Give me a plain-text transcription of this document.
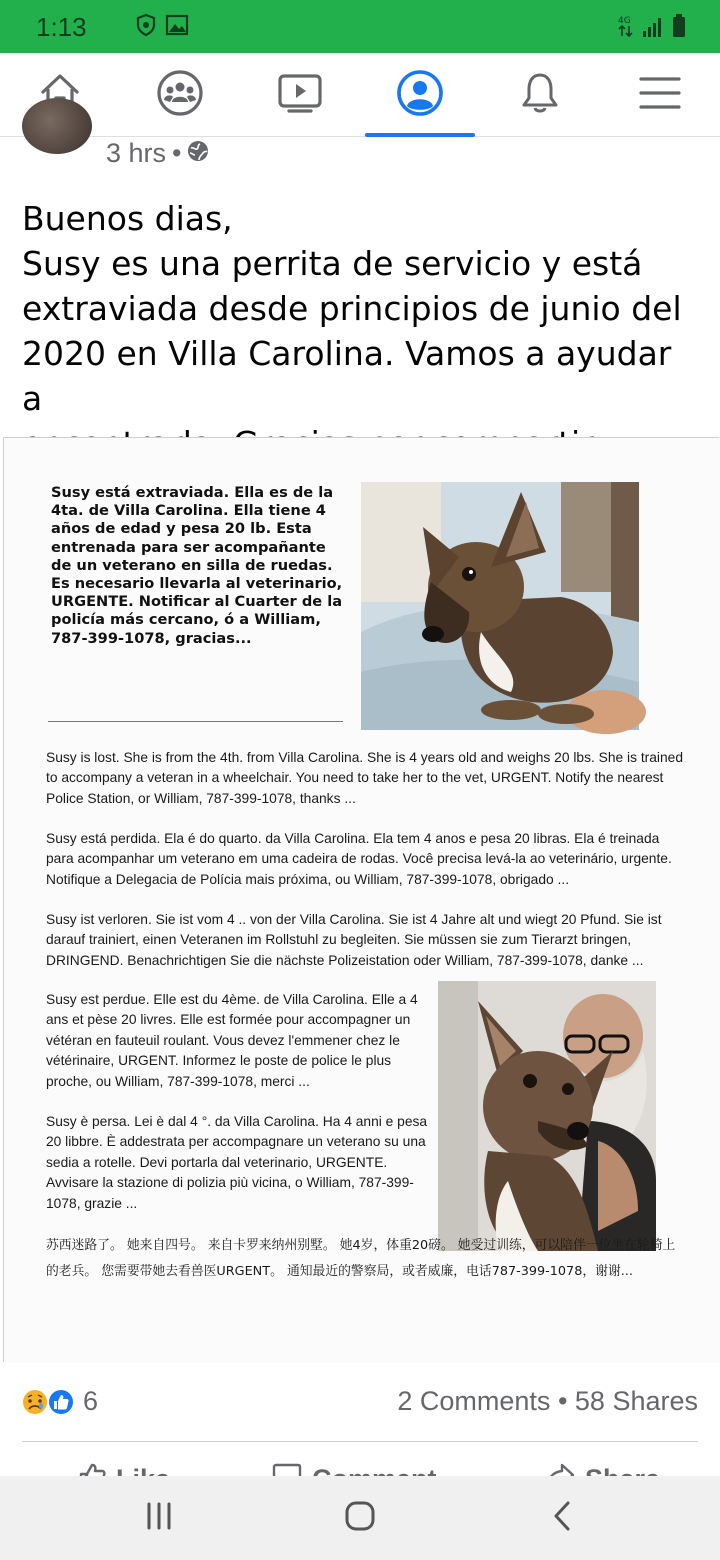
1:13	4G
3 hrs •

Buenos dias,

Susy es una perrita de servicio y está

extraviada desde principios de junio del

2020 en Villa Carolina. Vamos a ayudar a

Susy está extraviada. Ella es de la 4ta. de Villa Carolina. Ella tiene 4 años de edad y pesa 20 lb. Esta entrenada para ser acompañante de un veterano en silla de ruedas. Es necesario llevarla al veterinario, URGENTE. Notificar al Cuarter de la policía más cercano, ó a William, 787-399-1078, gracias...
Susy is lost. She is from the 4th. from Villa Carolina. She is 4 years old and weighs 20 lbs. She is trained to accompany a veteran in a wheelchair. You need to take her to the vet, URGENT. Notify the nearest Police Station, or William, 787-399-1078, thanks ...
Susy está perdida. Ela é do quarto. da Villa Carolina. Ela tem 4 anos e pesa 20 libras. Ela é treinada para acompanhar um veterano em uma cadeira de rodas. Você precisa levá-la ao veterinário, urgente. Notifique a Delegacia de Polícia mais próxima, ou William, 787-399-1078, obrigado ...
Susy ist verloren. Sie ist vom 4 .. von der Villa Carolina. Sie ist 4 Jahre alt und wiegt 20 Pfund. Sie ist darauf trainiert, einen Veteranen im Rollstuhl zu begleiten. Sie müssen sie zum Tierarzt bringen, DRINGEND. Benachrichtigen Sie die nächste Polizeistation oder William, 787-399-1078, danke ...
Susy est perdue. Elle est du 4ème. de Villa Carolina. Elle a 4 ans et pèse 20 livres. Elle est formée pour accompagner un vétéran en fauteuil roulant. Vous devez l'emmener chez le vétérinaire, URGENT. Informez le poste de police le plus proche, ou William, 787-399-1078, merci ...
Susy è persa. Lei è dal 4 °. da Villa Carolina. Ha 4 anni e pesa 20 libbre. È addestrata per accompagnare un veterano su una sedia a rotelle. Devi portarla dal veterinario, URGENTE. Avvisare la stazione di polizia più vicina, o William, 787-399-1078, grazie ...
苏西迷路了。 她来自四号。 来自卡罗来纳州别墅。 她4岁，体重20磅。 她受过训练，可以陪伴一位坐在轮椅上的老兵。 您需要带她去看兽医URGENT。 通知最近的警察局，或者威廉，电话787-399-1078，谢谢...
6	2 Comments • 58 Shares
